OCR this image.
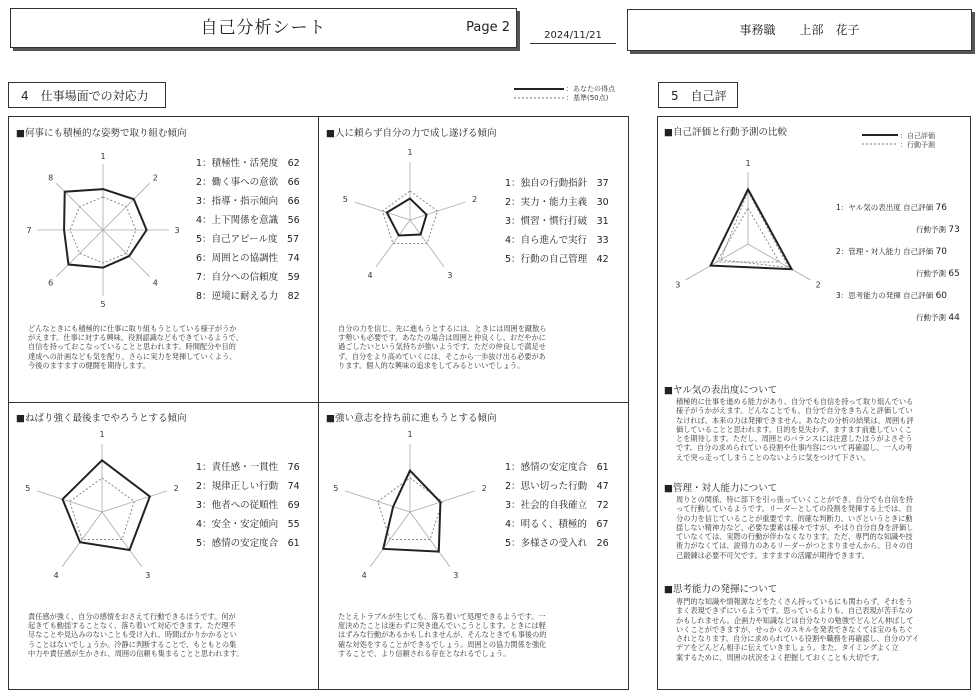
自己分析シート	Page 2
2024/11/21	事務職　　上部　花子
4　仕事場面での対応力	：あなたの得点
：基準(50点)
■何事にも積極的な姿勢で取り組む傾向
1
2
3
4
5
6
7
8
1：積極性・活発度　 62
2：働く事への意欲　 66
3：指導・指示傾向　 66
4：上下関係を意識　 56
5：自己アピール度　 57
6：周囲との協調性　 74
7：自分への信頼度　 59
8：逆境に耐える力　 82
どんなときにも積極的に仕事に取り組もうとしている様子がうか
がえます。仕事に対する興味、役割認識などもできているようで、
自信を持っておこなっていることと思われます。時間配分や目的
達成への計画なども気を配り、さらに実力を発揮していくよう、
今後のますますの健闘を期待します。
■人に頼らず自分の力で成し遂げる傾向
1
2
3
4
5
1：独自の行動指針　 37
2：実力・能力主義　 30
3：慣習・慣行打破　 31
4：自ら進んで実行　 33
5：行動の自己管理　 42
自分の力を信じ、先に進もうとするには、ときには周囲を蹴散ら
す勢いも必要です。あなたの場合は周囲と仲良くし、おだやかに
過ごしたいという気持ちが強いようです。ただの仲良しで満足せ
ず、自分をより高めていくには、そこから一歩抜け出る必要があ
ります。個人的な興味の追求をしてみるといいでしょう。
■ねばり強く最後までやろうとする傾向
1
2
3
4
5
1：責任感・一貫性　 76
2：規律正しい行動　 74
3：他者への従順性　 69
4：安全・安定傾向　 55
5：感情の安定度合　 61
責任感が強く、自分の感情をおさえて行動できるほうです。何が
起きても動揺することなく、落ち着いて対応できます。ただ理不
尽なことや見込みのないことも受け入れ、時間ばかりかかるとい
うことはないでしょうか。冷静に判断することで、もともとの集
中力や責任感が生かされ、周囲の信頼も集まることと思われます。
■強い意志を持ち前に進もうとする傾向
1
2
3
4
5
1：感情の安定度合　 61
2：思い切った行動　 47
3：社会的自我確立　 72
4：明るく、積極的　 67
5：多様さの受入れ　 26
たとえトラブルが生じても、落ち着いて処理できるようです。一
度決めたことは迷わずに突き進んでいこうとします。ときには軽
はずみな行動があるかもしれませんが、そんなときでも事後の的
確な対処をすることができるでしょう。周囲との協力関係を強化
することで、より信頼される存在となれるでしょう。
5　自己評
■自己評価と行動予測の比較	：自己評価
：行動予測
1
2
3
1：ヤル気の表出度 自己評価 76
行動予測 73
2：管理・対人能力 自己評価 70
行動予測 65
3：思考能力の発揮 自己評価 60
行動予測 44
■ヤル気の表出度について
積極的に仕事を進める能力があり、自分でも自信を持って取り組んでいる
様子がうかがえます。どんなことでも、自分で自分をきちんと評価してい
なければ、本来の力は発揮できません。あなたの分析の結果は、周囲も評
価していることと思われます。目的を見失わず、ますます前進していくこ
とを期待します。ただし、周囲とのバランスには注意したほうがよさそう
です。自分の求められている役割や仕事内容について再確認し、一人の考
えで突っ走ってしまうことのないように気をつけて下さい。
■管理・対人能力について
周りとの関係、特に部下を引っ張っていくことができ、自分でも自信を持
って行動しているようです。リーダーとしての役割を発揮する上では、自
分の力を信じていることが重要です。的確な判断力、いざというときに動
揺しない精神力など、必要な要素は様々ですが、やはり自分自身を評価し
ていなくては、実際の行動が伴わなくなります。ただ、専門的な知識や技
術力がなくては、説得力のあるリーダーがつとまりませんから、日々の自
己鍛錬は必要不可欠です。ますますの活躍が期待できます。
■思考能力の発揮について
専門的な知識や情報源などをたくさん持っているにも関わらず、それをう
まく表現できずにいるようです。思っているよりも、自己表現が苦手なの
かもしれません。企画力や知識などは自分なりの勉強でどんどん伸ばして
いくことができますが、せっかくのスキルを発表できなくては宝のもちぐ
されとなります。自分に求められている役割や職務を再確認し、自分のアイ
デアをどんどん相手に伝えていきましょう。また、タイミングよく立
案するために、周囲の状況をよく把握しておくことも大切です。
